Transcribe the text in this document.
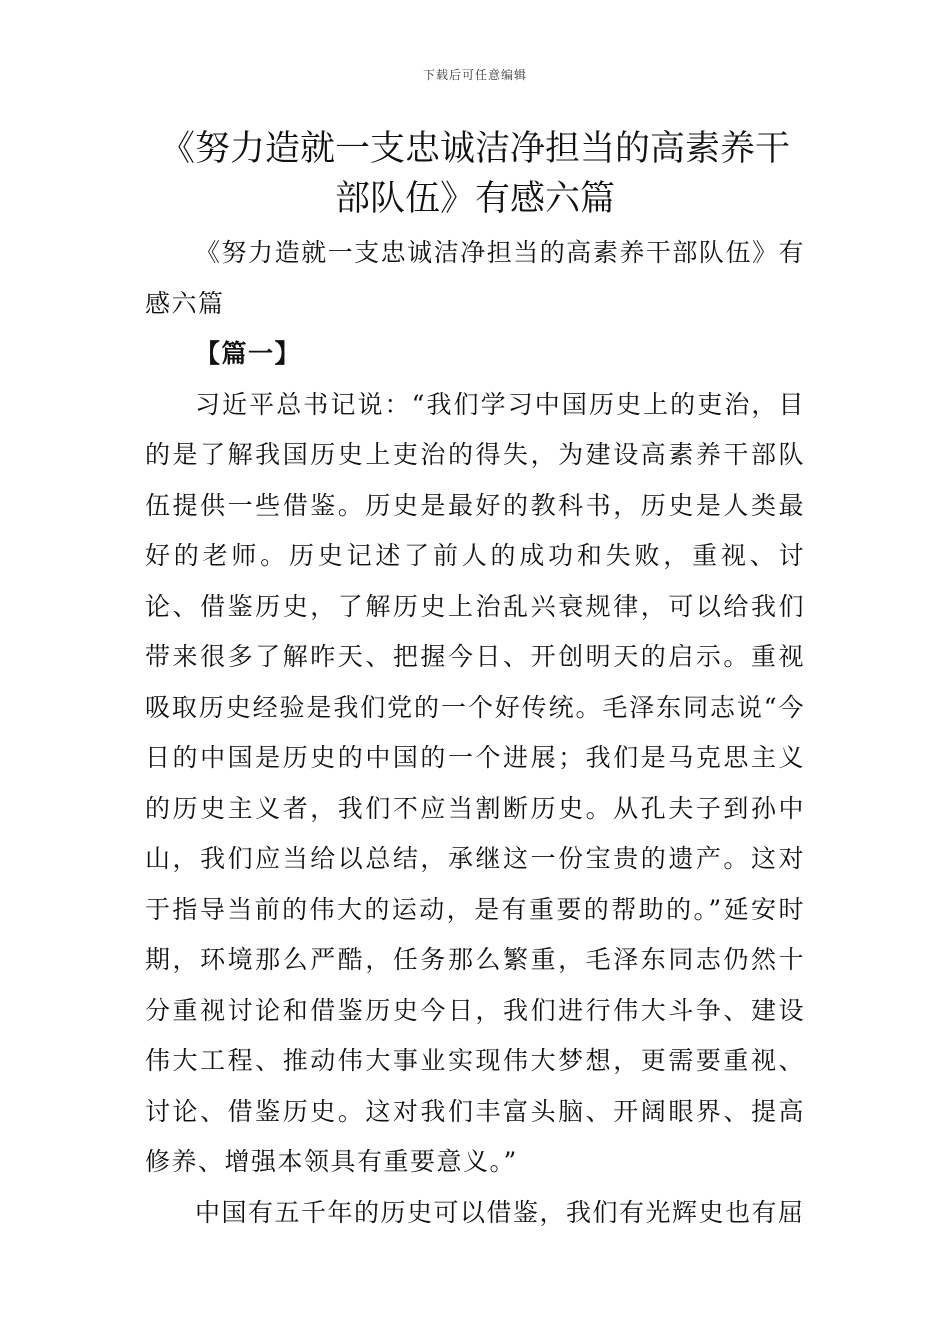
下载后可任意编辑
《努力造就一支忠诚洁净担当的高素养干部队伍》有感六篇

《努力造就一支忠诚洁净担当的高素养干部队伍》有感六篇

【篇一】

习近平总书记说：“我们学习中国历史上的吏治，目的是了解我国历史上吏治的得失，为建设高素养干部队伍提供一些借鉴。历史是最好的教科书，历史是人类最好的老师。历史记述了前人的成功和失败，重视、讨论、借鉴历史，了解历史上治乱兴衰规律，可以给我们带来很多了解昨天、把握今日、开创明天的启示。重视吸取历史经验是我们党的一个好传统。毛泽东同志说“今日的中国是历史的中国的一个进展；我们是马克思主义的历史主义者，我们不应当割断历史。从孔夫子到孙中山，我们应当给以总结，承继这一份宝贵的遗产。这对于指导当前的伟大的运动，是有重要的帮助的。”延安时期，环境那么严酷，任务那么繁重，毛泽东同志仍然十分重视讨论和借鉴历史今日，我们进行伟大斗争、建设伟大工程、推动伟大事业实现伟大梦想，更需要重视、讨论、借鉴历史。这对我们丰富头脑、开阔眼界、提高修养、增强本领具有重要意义。”

中国有五千年的历史可以借鉴，我们有光辉史也有屈
